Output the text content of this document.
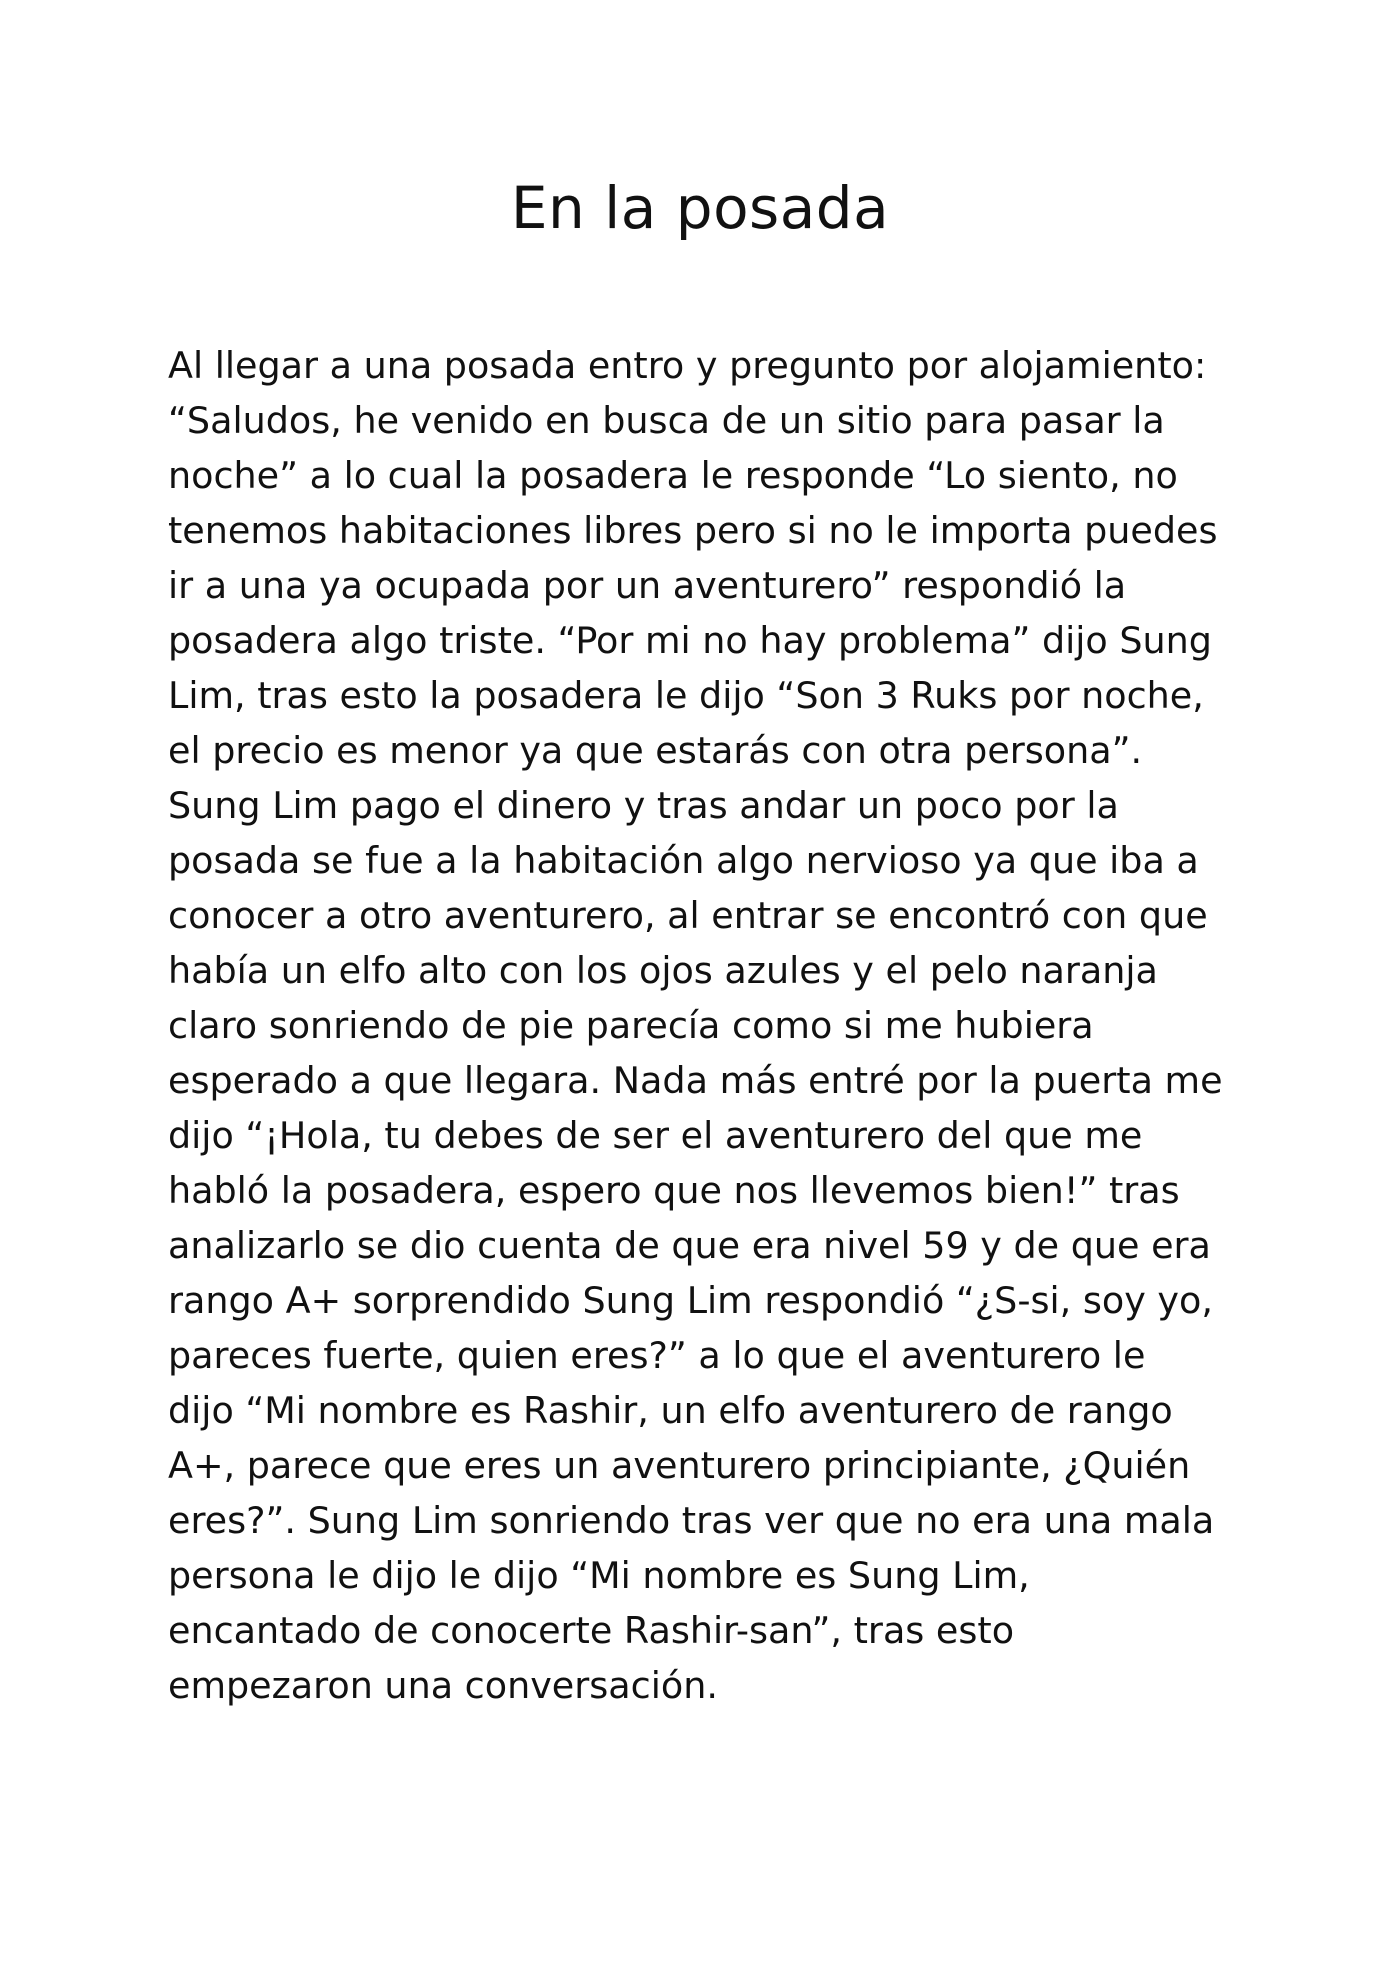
En la posada
Al llegar a una posada entro y pregunto por alojamiento:
“Saludos, he venido en busca de un sitio para pasar la
noche” a lo cual la posadera le responde “Lo siento, no
tenemos habitaciones libres pero si no le importa puedes
ir a una ya ocupada por un aventurero” respondió la
posadera algo triste. “Por mi no hay problema” dijo Sung
Lim, tras esto la posadera le dijo “Son 3 Ruks por noche,
el precio es menor ya que estarás con otra persona”.
Sung Lim pago el dinero y tras andar un poco por la
posada se fue a la habitación algo nervioso ya que iba a
conocer a otro aventurero, al entrar se encontró con que
había un elfo alto con los ojos azules y el pelo naranja
claro sonriendo de pie parecía como si me hubiera
esperado a que llegara. Nada más entré por la puerta me
dijo “¡Hola, tu debes de ser el aventurero del que me
habló la posadera, espero que nos llevemos bien!” tras
analizarlo se dio cuenta de que era nivel 59 y de que era
rango A+ sorprendido Sung Lim respondió “¿S-si, soy yo,
pareces fuerte, quien eres?” a lo que el aventurero le
dijo “Mi nombre es Rashir, un elfo aventurero de rango
A+, parece que eres un aventurero principiante, ¿Quién
eres?”. Sung Lim sonriendo tras ver que no era una mala
persona le dijo le dijo “Mi nombre es Sung Lim,
encantado de conocerte Rashir-san”, tras esto
empezaron una conversación.
